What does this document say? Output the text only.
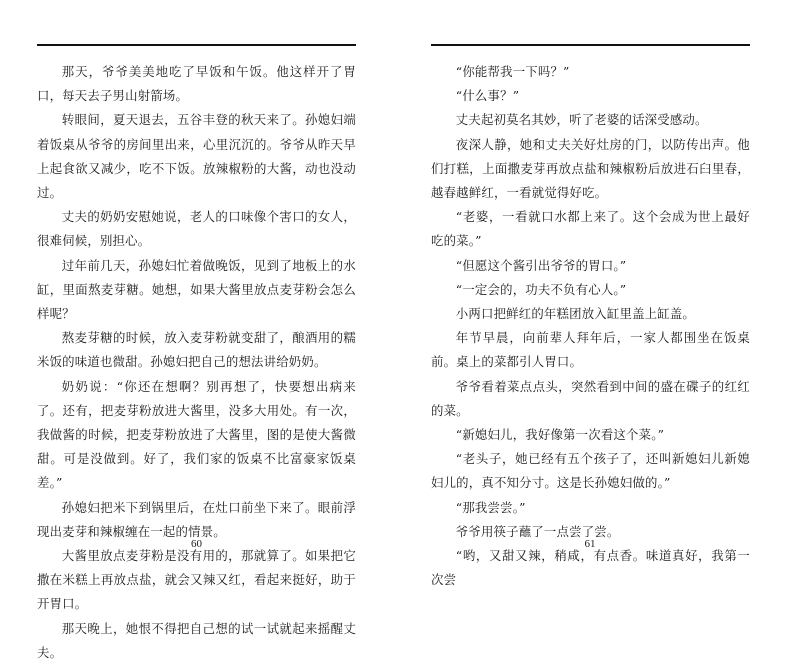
那天，爷爷美美地吃了早饭和午饭。他这样开了胃口，每天去子男山射箭场。

转眼间，夏天退去，五谷丰登的秋天来了。孙媳妇端着饭桌从爷爷的房间里出来，心里沉沉的。爷爷从昨天早上起食欲又减少，吃不下饭。放辣椒粉的大酱，动也没动过。

丈夫的奶奶安慰她说，老人的口味像个害口的女人，很难伺候，别担心。

过年前几天，孙媳妇忙着做晚饭，见到了地板上的水缸，里面熬麦芽糖。她想，如果大酱里放点麦芽粉会怎么样呢？

熬麦芽糖的时候，放入麦芽粉就变甜了，酿酒用的糯米饭的味道也微甜。孙媳妇把自己的想法讲给奶奶。

奶奶说：“你还在想啊？别再想了，快要想出病来了。还有，把麦芽粉放进大酱里，没多大用处。有一次，我做酱的时候，把麦芽粉放进了大酱里，图的是使大酱微甜。可是没做到。好了，我们家的饭桌不比富豪家饭桌差。”

孙媳妇把米下到锅里后，在灶口前坐下来了。眼前浮现出麦芽和辣椒缠在一起的情景。

大酱里放点麦芽粉是没有用的，那就算了。如果把它撒在米糕上再放点盐，就会又辣又红，看起来挺好，助于开胃口。

那天晚上，她恨不得把自己想的试一试就起来摇醒丈夫。

60

“你能帮我一下吗？”

“什么事？”

丈夫起初莫名其妙，听了老婆的话深受感动。

夜深人静，她和丈夫关好灶房的门，以防传出声。他们打糕，上面撒麦芽再放点盐和辣椒粉后放进石臼里春，越春越鲜红，一看就觉得好吃。

“老婆，一看就口水都上来了。这个会成为世上最好吃的菜。”

“但愿这个酱引出爷爷的胃口。”

“一定会的，功夫不负有心人。”

小两口把鲜红的年糕团放入缸里盖上缸盖。

年节早晨，向前辈人拜年后，一家人都围坐在饭桌前。桌上的菜都引人胃口。

爷爷看着菜点点头，突然看到中间的盛在碟子的红红的菜。

“新媳妇儿，我好像第一次看这个菜。”

“老头子，她已经有五个孩子了，还叫新媳妇儿新媳妇儿的，真不知分寸。这是长孙媳妇做的。”

“那我尝尝。”

爷爷用筷子蘸了一点尝了尝。

“哟，又甜又辣，稍咸，有点香。味道真好，我第一次尝

61
